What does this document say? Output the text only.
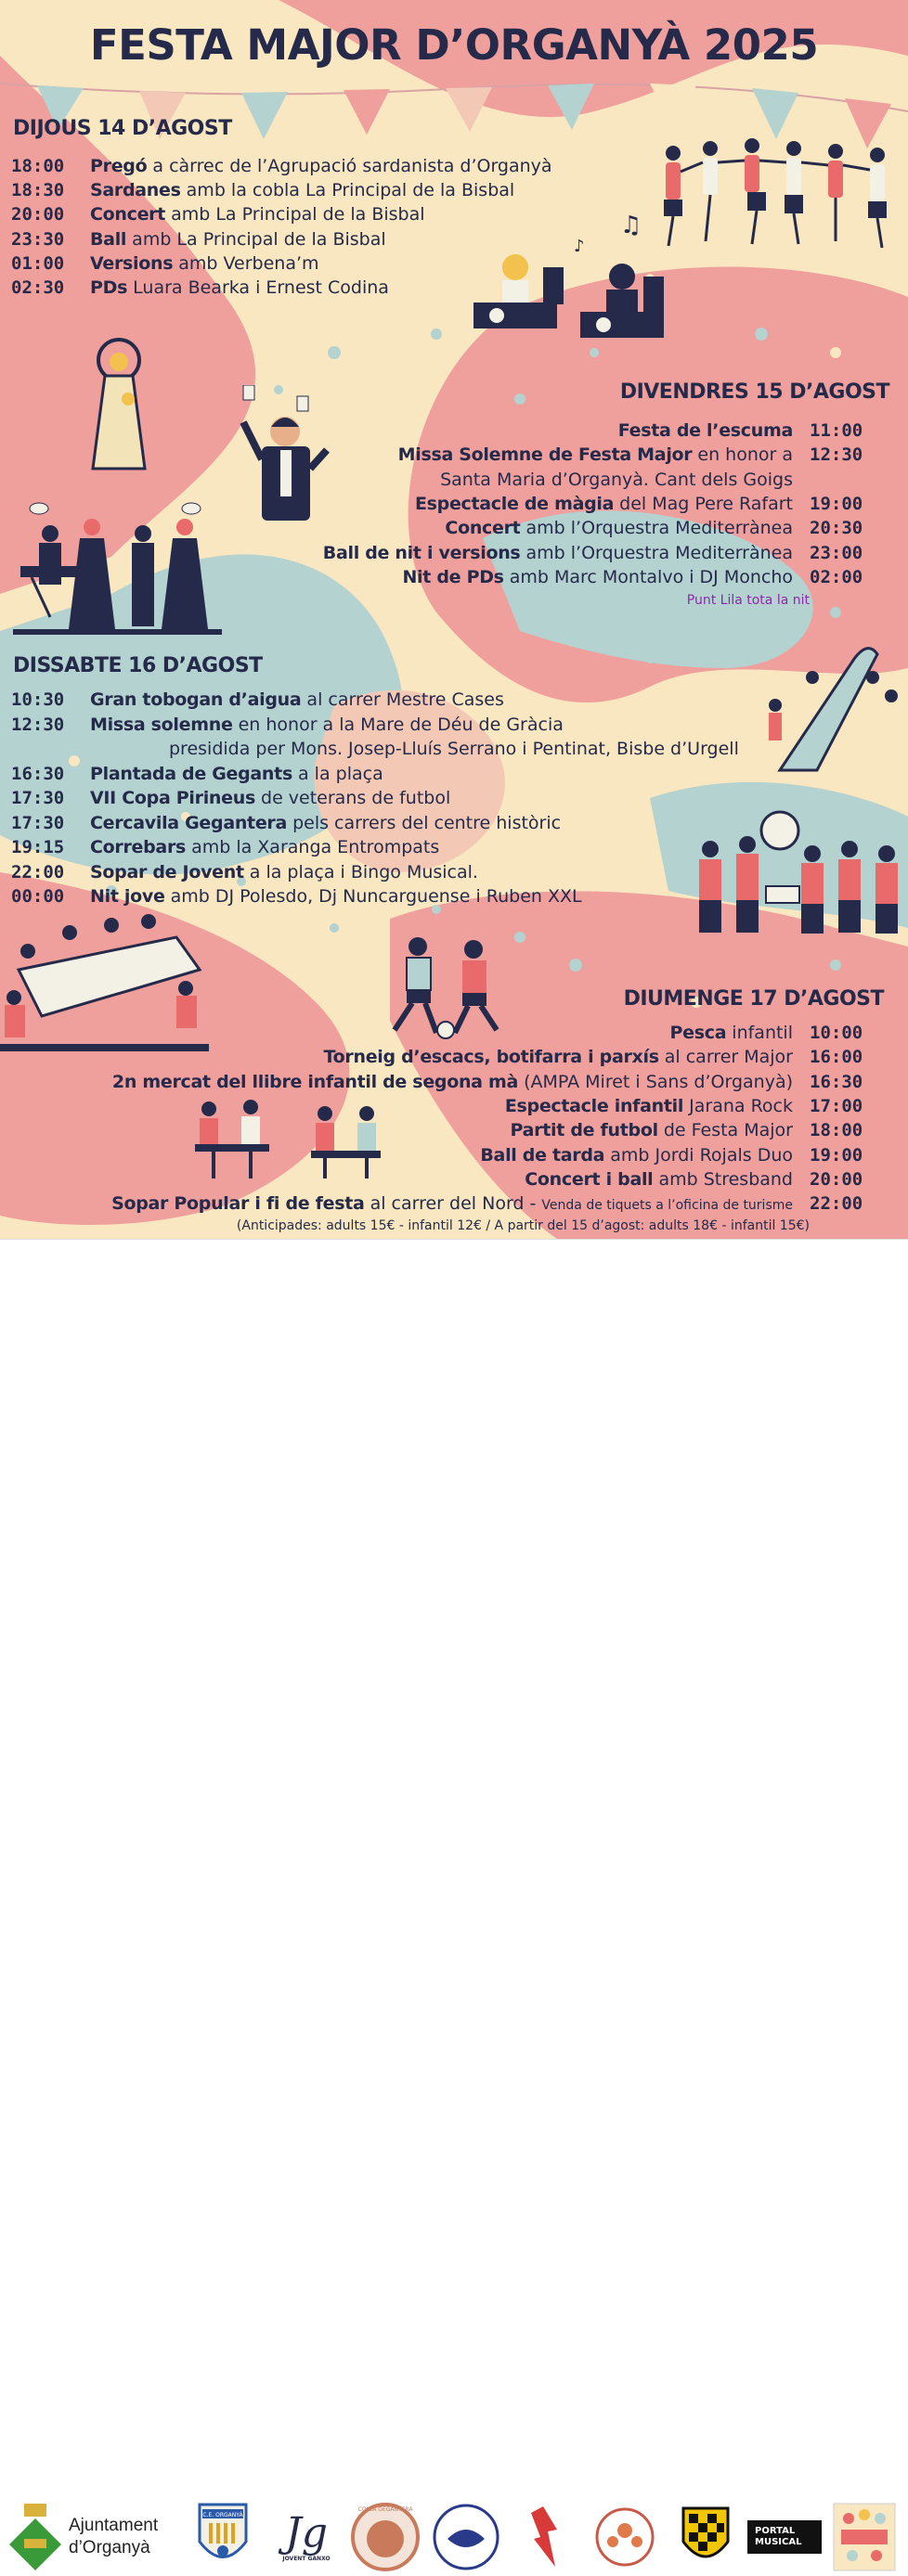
FESTA MAJOR D’ORGANYÀ 2025
DIJOUS 14 D’AGOST
18:00 Pregó a càrrec de l’Agrupació sardanista d’Organyà
18:30 Sardanes amb la cobla La Principal de la Bisbal
20:00 Concert amb La Principal de la Bisbal
23:30 Ball amb La Principal de la Bisbal
01:00 Versions amb Verbena’m
02:30 PDs Luara Bearka i Ernest Codina
DIVENDRES 15 D’AGOST
Festa de l’escuma 11:00
Missa Solemne de Festa Major en honor a 12:30
Santa Maria d’Organyà. Cant dels Goigs
Espectacle de màgia del Mag Pere Rafart 19:00
Concert amb l’Orquestra Mediterrànea 20:30
Ball de nit i versions amb l’Orquestra Mediterrànea 23:00
Nit de PDs amb Marc Montalvo i DJ Moncho 02:00
Punt Lila tota la nit
DISSABTE 16 D’AGOST
10:30 Gran tobogan d’aigua al carrer Mestre Cases
12:30 Missa solemne en honor a la Mare de Déu de Gràcia
presidida per Mons. Josep-Lluís Serrano i Pentinat, Bisbe d’Urgell
16:30 Plantada de Gegants a la plaça
17:30 VII Copa Pirineus de veterans de futbol
17:30 Cercavila Gegantera pels carrers del centre històric
19:15 Correbars amb la Xaranga Entrompats
22:00 Sopar de Jovent a la plaça i Bingo Musical.
00:00 Nit jove amb DJ Polesdo, Dj Nuncarguense i Ruben XXL
DIUMENGE 17 D’AGOST
Pesca infantil 10:00
Torneig d’escacs, botifarra i parxís al carrer Major 16:00
2n mercat del llibre infantil de segona mà (AMPA Miret i Sans d’Organyà) 16:30
Espectacle infantil Jarana Rock 17:00
Partit de futbol de Festa Major 18:00
Ball de tarda amb Jordi Rojals Duo 19:00
Concert i ball amb Stresband 20:00
Sopar Popular i fi de festa al carrer del Nord - Venda de tiquets a l’oficina de turisme 22:00
(Anticipades: adults 15€ - infantil 12€ / A partir del 15 d’agost: adults 18€ - infantil 15€)
♫
♪
Ajuntament
d’Organyà
C.E. ORGANYÀ Jg
JOVENT GANXO
COLLA GEGANTERA
PORTAL MUSICAL
